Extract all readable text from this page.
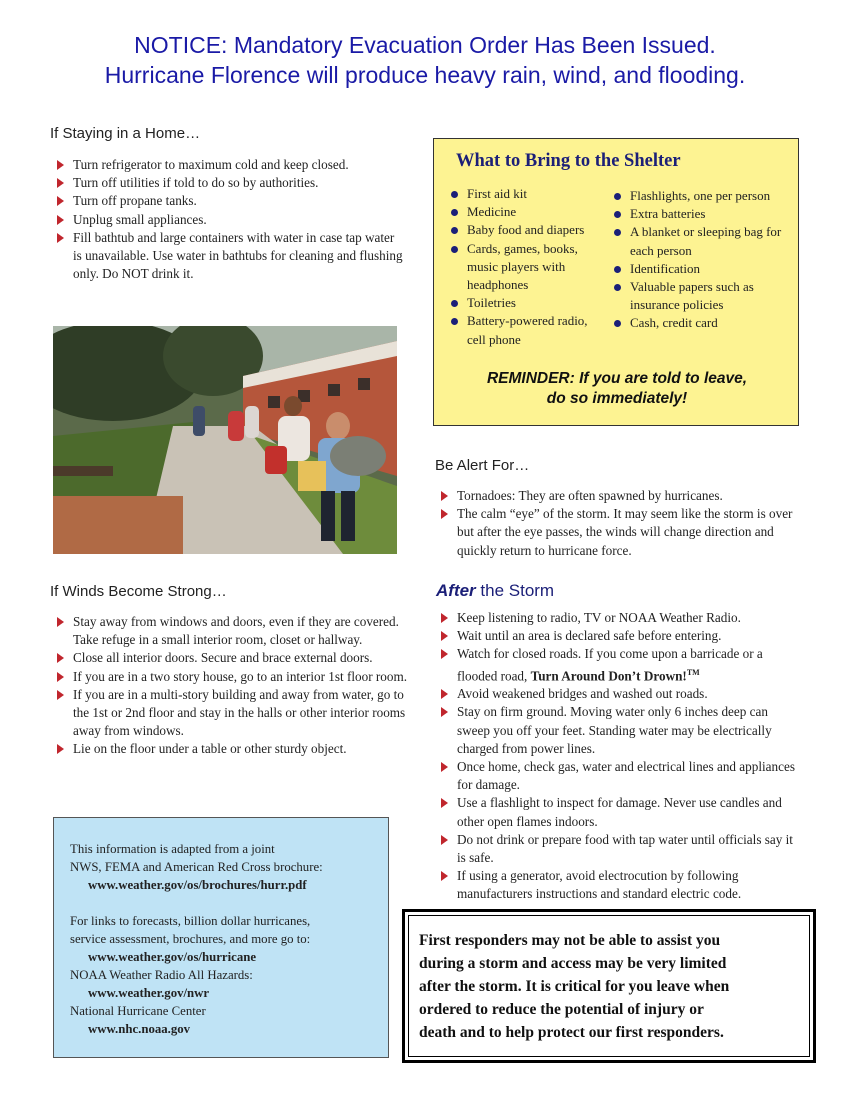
NOTICE: Mandatory Evacuation Order Has Been Issued.
Hurricane Florence will produce heavy rain, wind, and flooding.
If Staying in a Home…
Turn refrigerator to maximum cold and keep closed.
Turn off utilities if told to do so by authorities.
Turn off propane tanks.
Unplug small appliances.
Fill bathtub and large containers with water in case tap water is unavailable. Use water in bathtubs for cleaning and flushing only. Do NOT drink it.
What to Bring to the Shelter
First aid kit
Medicine
Baby food and diapers
Cards, games, books, music players with headphones
Toiletries
Battery-powered radio, cell phone
Flashlights, one per person
Extra batteries
A blanket or sleeping bag for each person
Identification
Valuable papers such as insurance policies
Cash, credit card
REMINDER: If you are told to leave,
do so immediately!
Be Alert For…
Tornadoes: They are often spawned by hurricanes.
The calm “eye” of the storm. It may seem like the storm is over but after the eye passes, the winds will change direction and quickly return to hurricane force.
If Winds Become Strong…
Stay away from windows and doors, even if they are covered. Take refuge in a small interior room, closet or hallway.
Close all interior doors. Secure and brace external doors.
If you are in a two story house, go to an interior 1st floor room.
If you are in a multi-story building and away from water, go to the 1st or 2nd floor and stay in the halls or other interior rooms away from windows.
Lie on the floor under a table or other sturdy object.
After the Storm
Keep listening to radio, TV or NOAA Weather Radio.
Wait until an area is declared safe before entering.
Watch for closed roads. If you come upon a barricade or a flooded road, Turn Around Don’t Drown!™
Avoid weakened bridges and washed out roads.
Stay on firm ground. Moving water only 6 inches deep can sweep you off your feet. Standing water may be electrically charged from power lines.
Once home, check gas, water and electrical lines and appliances for damage.
Use a flashlight to inspect for damage. Never use candles and other open flames indoors.
Do not drink or prepare food with tap water until officials say it is safe.
If using a generator, avoid electrocution by following manufacturers instructions and standard electric code.
This information is adapted from a joint
NWS, FEMA and American Red Cross brochure:
www.weather.gov/os/brochures/hurr.pdf
For links to forecasts, billion dollar hurricanes,
service assessment, brochures, and more go to:
www.weather.gov/os/hurricane
NOAA Weather Radio All Hazards:
www.weather.gov/nwr
National Hurricane Center
www.nhc.noaa.gov
First responders may not be able to assist you
during a storm and access may be very limited
after the storm. It is critical for you leave when
ordered to reduce the potential of injury or
death and to help protect our first responders.
